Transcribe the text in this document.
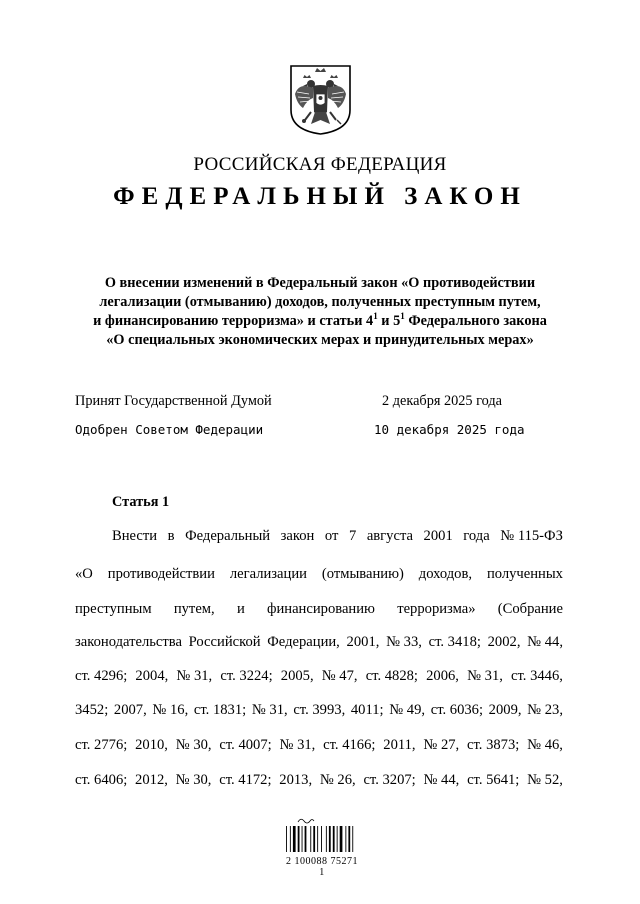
РОССИЙСКАЯ ФЕДЕРАЦИЯ
ФЕДЕРАЛЬНЫЙ ЗАКОН
О внесении изменений в Федеральный закон «О противодействии
легализации (отмыванию) доходов, полученных преступным путем,
и финансированию терроризма» и статьи $4^1$ и $5^1$ Федерального закона
«О специальных экономических мерах и принудительных мерах»
Принят Государственной Думой	2 декабря 2025 года
Одобрен Советом Федерации	10 декабря 2025 года
Статья 1
Внести в Федеральный закон от 7 августа 2001 года № 115-ФЗ
«О противодействии легализации (отмыванию) доходов, полученных
преступным путем, и финансированию терроризма» (Собрание
законодательства Российской Федерации, 2001, № 33, ст. 3418; 2002, № 44,
ст. 4296; 2004, № 31, ст. 3224; 2005, № 47, ст. 4828; 2006, № 31, ст. 3446,
3452; 2007, № 16, ст. 1831; № 31, ст. 3993, 4011; № 49, ст. 6036; 2009, № 23,
ст. 2776; 2010, № 30, ст. 4007; № 31, ст. 4166; 2011, № 27, ст. 3873; № 46,
ст. 6406; 2012, № 30, ст. 4172; 2013, № 26, ст. 3207; № 44, ст. 5641; № 52,
2 100088 75271 1
